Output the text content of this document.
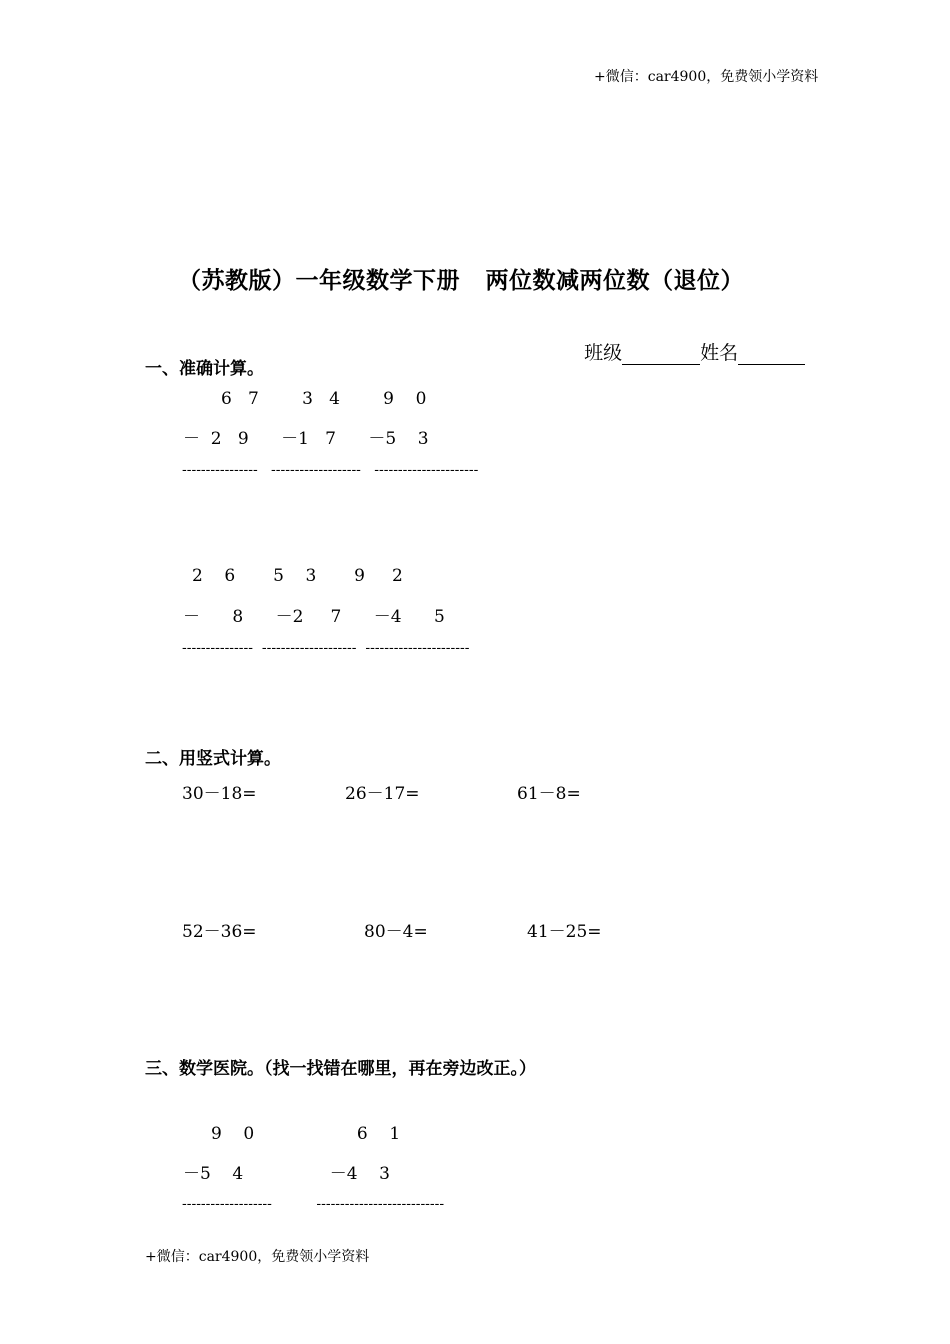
+微信：car4900，免费领小学资料
（苏教版）一年级数学下册   两位数减两位数（退位）

班级	姓名

一、准确计算。
6   7        3   4        9    0
－  2   9      －1   7      －5    3
----------------   -------------------   ----------------------
2    6       5    3       9     2
－      8      －2     7      －4      5
---------------  --------------------  ----------------------
二、用竖式计算。
30－18=	26－17=	61－8=
52－36=	80－4=	41－25=
三、数学医院。（找一找错在哪里，再在旁边改正。）
9    0                   6    1
－5    4                －4    3
-------------------          ---------------------------
+微信：car4900，免费领小学资料
